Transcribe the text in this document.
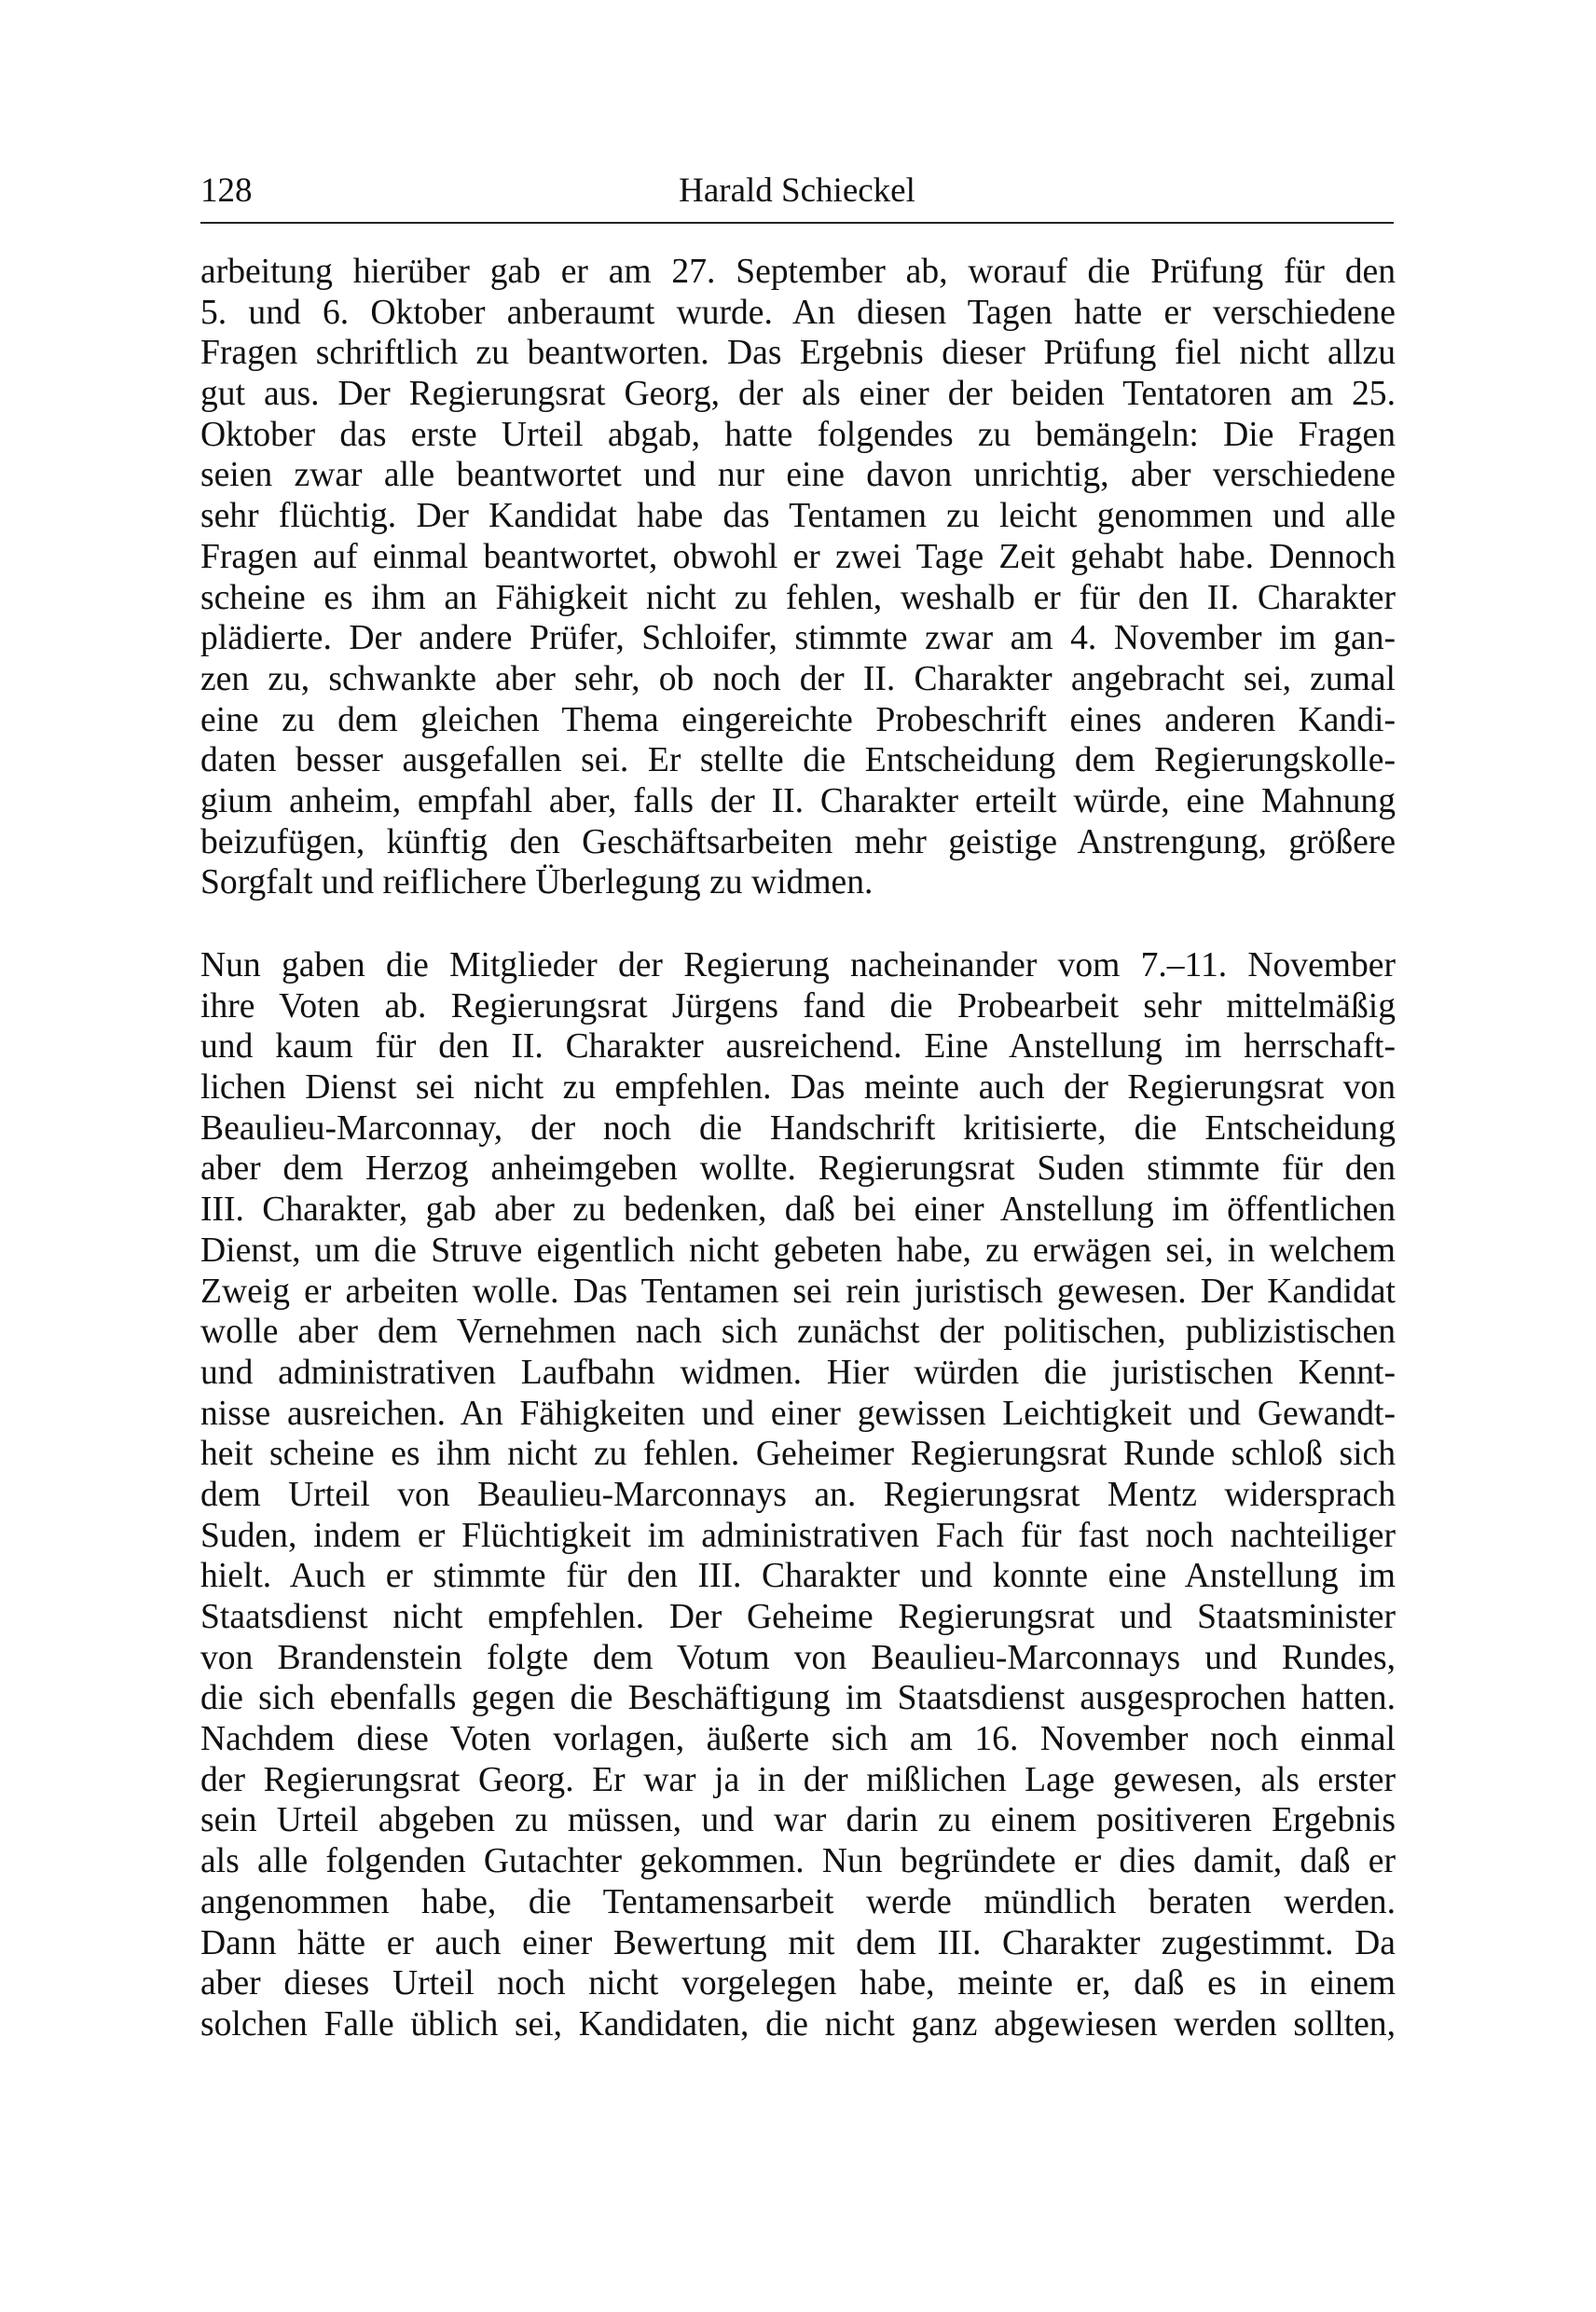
128	Harald Schieckel
arbeitung hierüber gab er am 27. September ab, worauf die Prüfung für den
5. und 6. Oktober anberaumt wurde. An diesen Tagen hatte er verschiedene
Fragen schriftlich zu beantworten. Das Ergebnis dieser Prüfung fiel nicht allzu
gut aus. Der Regierungsrat Georg, der als einer der beiden Tentatoren am 25.
Oktober das erste Urteil abgab, hatte folgendes zu bemängeln: Die Fragen
seien zwar alle beantwortet und nur eine davon unrichtig, aber verschiedene
sehr flüchtig. Der Kandidat habe das Tentamen zu leicht genommen und alle
Fragen auf einmal beantwortet, obwohl er zwei Tage Zeit gehabt habe. Dennoch
scheine es ihm an Fähigkeit nicht zu fehlen, weshalb er für den II. Charakter
plädierte. Der andere Prüfer, Schloifer, stimmte zwar am 4. November im gan-
zen zu, schwankte aber sehr, ob noch der II. Charakter angebracht sei, zumal
eine zu dem gleichen Thema eingereichte Probeschrift eines anderen Kandi-
daten besser ausgefallen sei. Er stellte die Entscheidung dem Regierungskolle-
gium anheim, empfahl aber, falls der II. Charakter erteilt würde, eine Mahnung
beizufügen, künftig den Geschäftsarbeiten mehr geistige Anstrengung, größere
Sorgfalt und reiflichere Überlegung zu widmen.
Nun gaben die Mitglieder der Regierung nacheinander vom 7.–11. November
ihre Voten ab. Regierungsrat Jürgens fand die Probearbeit sehr mittelmäßig
und kaum für den II. Charakter ausreichend. Eine Anstellung im herrschaft-
lichen Dienst sei nicht zu empfehlen. Das meinte auch der Regierungsrat von
Beaulieu-Marconnay, der noch die Handschrift kritisierte, die Entscheidung
aber dem Herzog anheimgeben wollte. Regierungsrat Suden stimmte für den
III. Charakter, gab aber zu bedenken, daß bei einer Anstellung im öffentlichen
Dienst, um die Struve eigentlich nicht gebeten habe, zu erwägen sei, in welchem
Zweig er arbeiten wolle. Das Tentamen sei rein juristisch gewesen. Der Kandidat
wolle aber dem Vernehmen nach sich zunächst der politischen, publizistischen
und administrativen Laufbahn widmen. Hier würden die juristischen Kennt-
nisse ausreichen. An Fähigkeiten und einer gewissen Leichtigkeit und Gewandt-
heit scheine es ihm nicht zu fehlen. Geheimer Regierungsrat Runde schloß sich
dem Urteil von Beaulieu-Marconnays an. Regierungsrat Mentz widersprach
Suden, indem er Flüchtigkeit im administrativen Fach für fast noch nachteiliger
hielt. Auch er stimmte für den III. Charakter und konnte eine Anstellung im
Staatsdienst nicht empfehlen. Der Geheime Regierungsrat und Staatsminister
von Brandenstein folgte dem Votum von Beaulieu-Marconnays und Rundes,
die sich ebenfalls gegen die Beschäftigung im Staatsdienst ausgesprochen hatten.
Nachdem diese Voten vorlagen, äußerte sich am 16. November noch einmal
der Regierungsrat Georg. Er war ja in der mißlichen Lage gewesen, als erster
sein Urteil abgeben zu müssen, und war darin zu einem positiveren Ergebnis
als alle folgenden Gutachter gekommen. Nun begründete er dies damit, daß er
angenommen habe, die Tentamensarbeit werde mündlich beraten werden.
Dann hätte er auch einer Bewertung mit dem III. Charakter zugestimmt. Da
aber dieses Urteil noch nicht vorgelegen habe, meinte er, daß es in einem
solchen Falle üblich sei, Kandidaten, die nicht ganz abgewiesen werden sollten,
